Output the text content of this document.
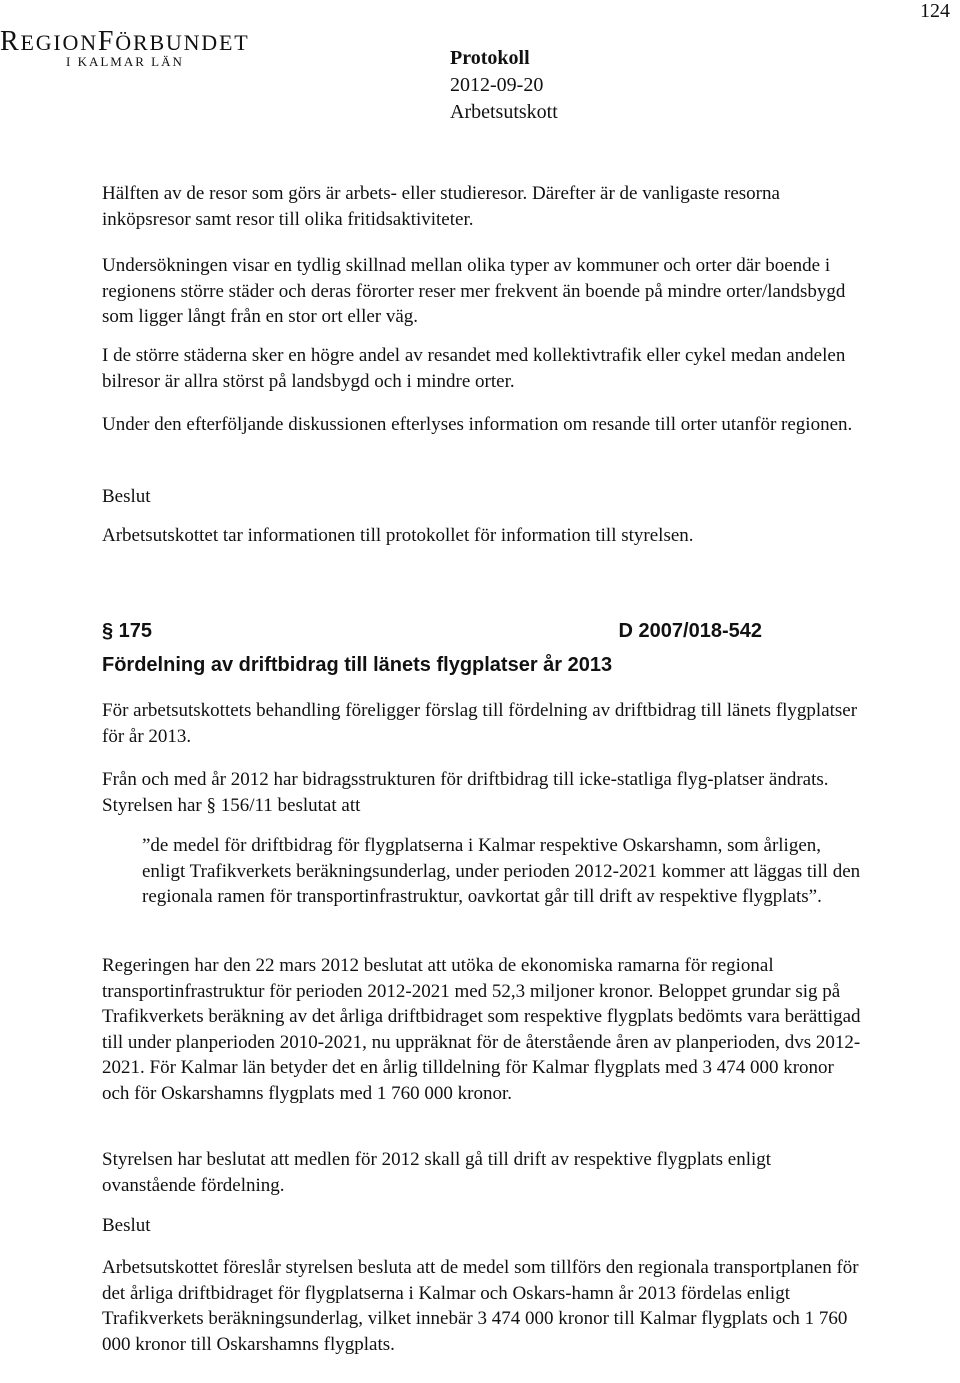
124
REGIONFÖRBUNDET
I KALMAR LÄN	Protokoll
2012-09-20
Arbetsutskott

Hälften av de resor som görs är arbets- eller studieresor. Därefter är de vanligaste resorna inköpsresor samt resor till olika fritidsaktiviteter.

Undersökningen visar en tydlig skillnad mellan olika typer av kommuner och orter där boende i regionens större städer och deras förorter reser mer frekvent än boende på mindre orter/landsbygd som ligger långt från en stor ort eller väg.

I de större städerna sker en högre andel av resandet med kollektivtrafik eller cykel medan andelen bilresor är allra störst på landsbygd och i mindre orter.

Under den efterföljande diskussionen efterlyses information om resande till orter utanför regionen.

Beslut

Arbetsutskottet tar informationen till protokollet för information till styrelsen.

§ 175	D 2007/018-542
Fördelning av driftbidrag till länets flygplatser år 2013

För arbetsutskottets behandling föreligger förslag till fördelning av driftbidrag till länets flygplatser för år 2013.

Från och med år 2012 har bidragsstrukturen för driftbidrag till icke-statliga flyg-platser ändrats. Styrelsen har § 156/11 beslutat att

”de medel för driftbidrag för flygplatserna i Kalmar respektive Oskarshamn, som årligen, enligt Trafikverkets beräkningsunderlag, under perioden 2012-2021 kommer att läggas till den regionala ramen för transportinfrastruktur, oavkortat går till drift av respektive flygplats”.

Regeringen har den 22 mars 2012 beslutat att utöka de ekonomiska ramarna för regional transportinfrastruktur för perioden 2012-2021 med 52,3 miljoner kronor. Beloppet grundar sig på Trafikverkets beräkning av det årliga driftbidraget som respektive flygplats bedömts vara berättigad till under planperioden 2010-2021, nu uppräknat för de återstående åren av planperioden, dvs 2012-2021. För Kalmar län betyder det en årlig tilldelning för Kalmar flygplats med 3 474 000 kronor och för Oskarshamns flygplats med 1 760 000 kronor.

Styrelsen har beslutat att medlen för 2012 skall gå till drift av respektive flygplats enligt ovanstående fördelning.

Beslut

Arbetsutskottet föreslår styrelsen besluta att de medel som tillförs den regionala transportplanen för det årliga driftbidraget för flygplatserna i Kalmar och Oskars-hamn år 2013 fördelas enligt Trafikverkets beräkningsunderlag, vilket innebär 3 474 000 kronor till Kalmar flygplats och 1 760 000 kronor till Oskarshamns flygplats.
